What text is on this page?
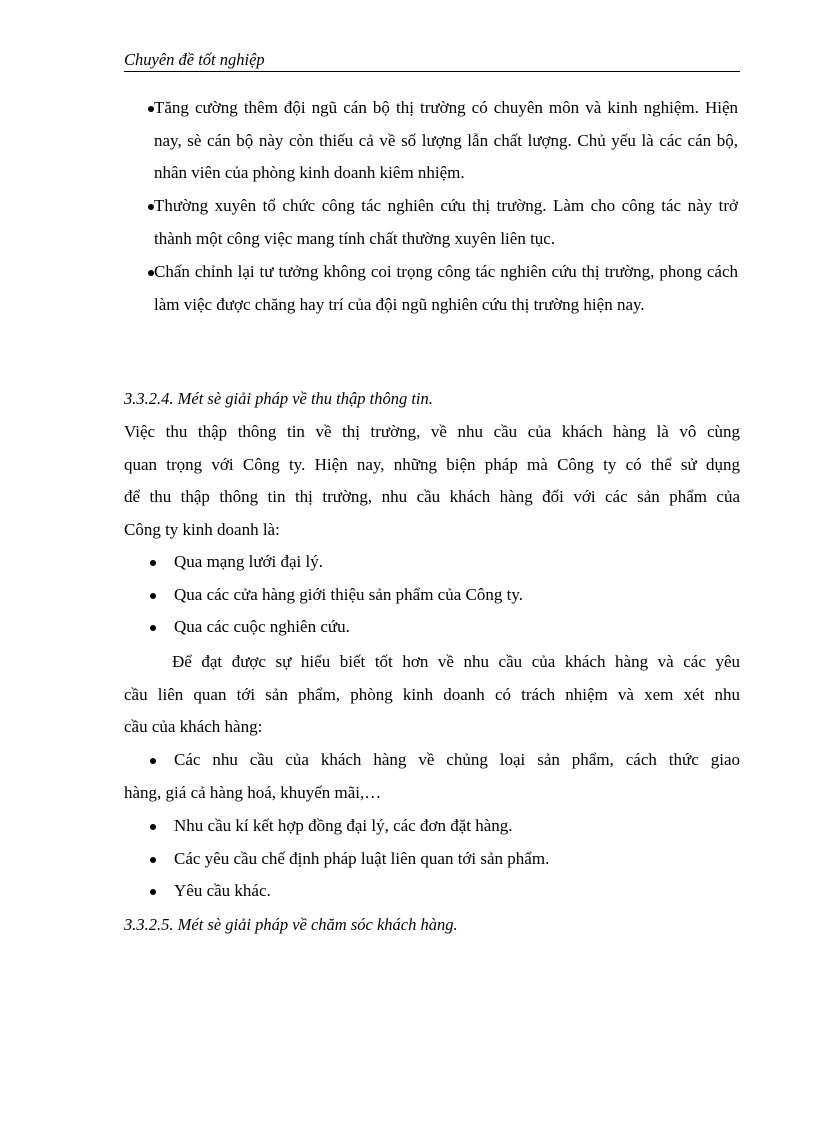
Chuyên đề tốt nghiệp
Tăng cường thêm đội ngũ cán bộ thị trường có chuyên môn và kinh nghiệm. Hiện nay, sè cán bộ này còn thiếu cả về số lượng lẫn chất lượng. Chủ yếu là các cán bộ, nhân viên của phòng kinh doanh kiêm nhiệm.
Thường xuyên tổ chức công tác nghiên cứu thị trường. Làm cho công tác này trở thành một công việc mang tính chất thường xuyên liên tục.
Chấn chỉnh lại tư tưởng không coi trọng công tác nghiên cứu thị trường, phong cách làm việc được chăng hay trí của đội ngũ nghiên cứu thị trường hiện nay.
3.3.2.4. Mét sè giải pháp về thu thập thông tin.
Việc thu thập thông tin về thị trường, về nhu cầu của khách hàng là vô cùng
quan trọng với Công ty. Hiện nay, những biện pháp mà Công ty có thể sử dụng
để thu thập thông tin thị trường, nhu cầu khách hàng đối với các sản phẩm của
Công ty kinh doanh là:
Qua mạng lưới đại lý.
Qua các cửa hàng giới thiệu sản phẩm của Công ty.
Qua các cuộc nghiên cứu.
Để đạt được sự hiểu biết tốt hơn về nhu cầu của khách hàng và các yêu
cầu liên quan tới sản phẩm, phòng kinh doanh có trách nhiệm và xem xét nhu
cầu của khách hàng:
Các nhu cầu của khách hàng về chủng loại sản phẩm, cách thức giao
hàng, giá cả hàng hoá, khuyến mãi,…
Nhu cầu kí kết hợp đồng đại lý, các đơn đặt hàng.
Các yêu cầu chế định pháp luật liên quan tới sản phẩm.
Yêu cầu khác.
3.3.2.5. Mét sè giải pháp về chăm sóc khách hàng.
